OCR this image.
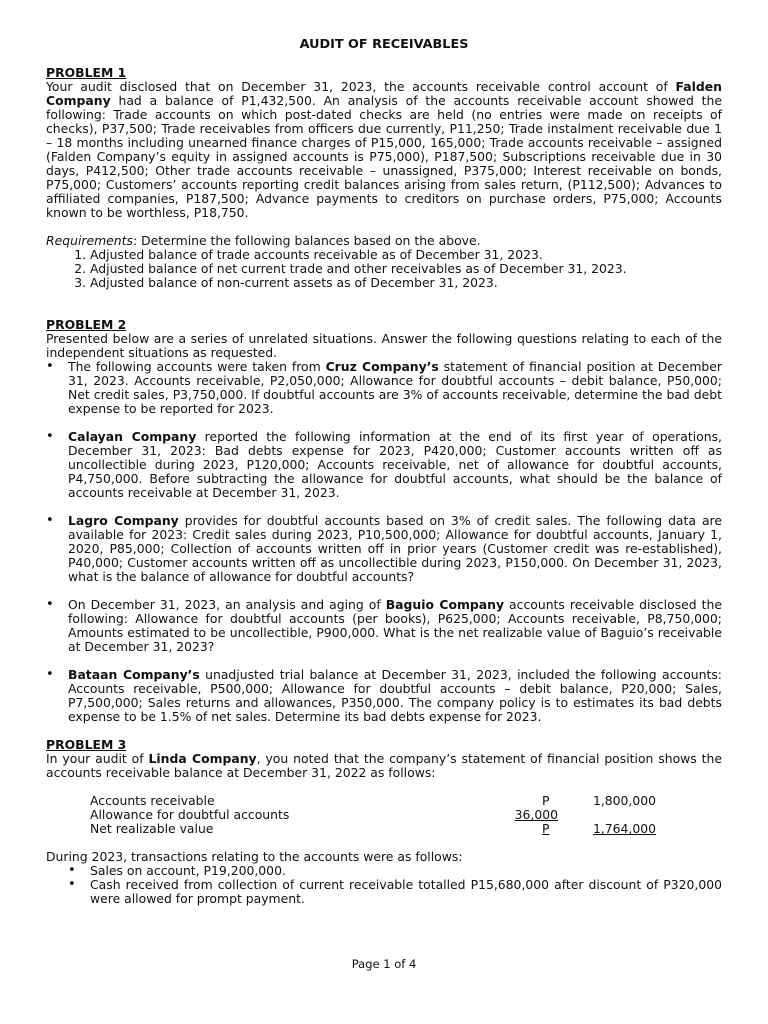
AUDIT OF RECEIVABLES
PROBLEM 1

Your audit disclosed that on December 31, 2023, the accounts receivable control account of Falden Company had a balance of P1,432,500. An analysis of the accounts receivable account showed the following: Trade accounts on which post-dated checks are held (no entries were made on receipts of checks), P37,500; Trade receivables from officers due currently, P11,250; Trade instalment receivable due 1 – 18 months including unearned finance charges of P15,000, 165,000; Trade accounts receivable – assigned (Falden Company’s equity in assigned accounts is P75,000), P187,500; Subscriptions receivable due in 30 days, P412,500; Other trade accounts receivable – unassigned, P375,000; Interest receivable on bonds, P75,000; Customers’ accounts reporting credit balances arising from sales return, (P112,500); Advances to affiliated companies, P187,500; Advance payments to creditors on purchase orders, P75,000; Accounts known to be worthless, P18,750.

Requirements: Determine the following balances based on the above.

1. Adjusted balance of trade accounts receivable as of December 31, 2023.
2. Adjusted balance of net current trade and other receivables as of December 31, 2023.
3. Adjusted balance of non-current assets as of December 31, 2023.
PROBLEM 2

Presented below are a series of unrelated situations. Answer the following questions relating to each of the independent situations as requested.

• The following accounts were taken from Cruz Company’s statement of financial position at December 31, 2023. Accounts receivable, P2,050,000; Allowance for doubtful accounts – debit balance, P50,000; Net credit sales, P3,750,000. If doubtful accounts are 3% of accounts receivable, determine the bad debt expense to be reported for 2023.
• Calayan Company reported the following information at the end of its first year of operations, December 31, 2023: Bad debts expense for 2023, P420,000; Customer accounts written off as uncollectible during 2023, P120,000; Accounts receivable, net of allowance for doubtful accounts, P4,750,000. Before subtracting the allowance for doubtful accounts, what should be the balance of accounts receivable at December 31, 2023.
• Lagro Company provides for doubtful accounts based on 3% of credit sales. The following data are available for 2023: Credit sales during 2023, P10,500,000; Allowance for doubtful accounts, January 1, 2020, P85,000; Collection of accounts written off in prior years (Customer credit was re-established), P40,000; Customer accounts written off as uncollectible during 2023, P150,000. On December 31, 2023, what is the balance of allowance for doubtful accounts?
• On December 31, 2023, an analysis and aging of Baguio Company accounts receivable disclosed the following: Allowance for doubtful accounts (per books), P625,000; Accounts receivable, P8,750,000; Amounts estimated to be uncollectible, P900,000. What is the net realizable value of Baguio’s receivable at December 31, 2023?
• Bataan Company’s unadjusted trial balance at December 31, 2023, included the following accounts: Accounts receivable, P500,000; Allowance for doubtful accounts – debit balance, P20,000; Sales, P7,500,000; Sales returns and allowances, P350,000. The company policy is to estimates its bad debts expense to be 1.5% of net sales. Determine its bad debts expense for 2023.
PROBLEM 3

In your audit of Linda Company, you noted that the company’s statement of financial position shows the accounts receivable balance at December 31, 2022 as follows:

Accounts receivable	P	1,800,000
Allowance for doubtful accounts	36,000
Net realizable value	P	1,764,000

During 2023, transactions relating to the accounts were as follows:

• Sales on account, P19,200,000.
• Cash received from collection of current receivable totalled P15,680,000 after discount of P320,000 were allowed for prompt payment.
Page 1 of 4
